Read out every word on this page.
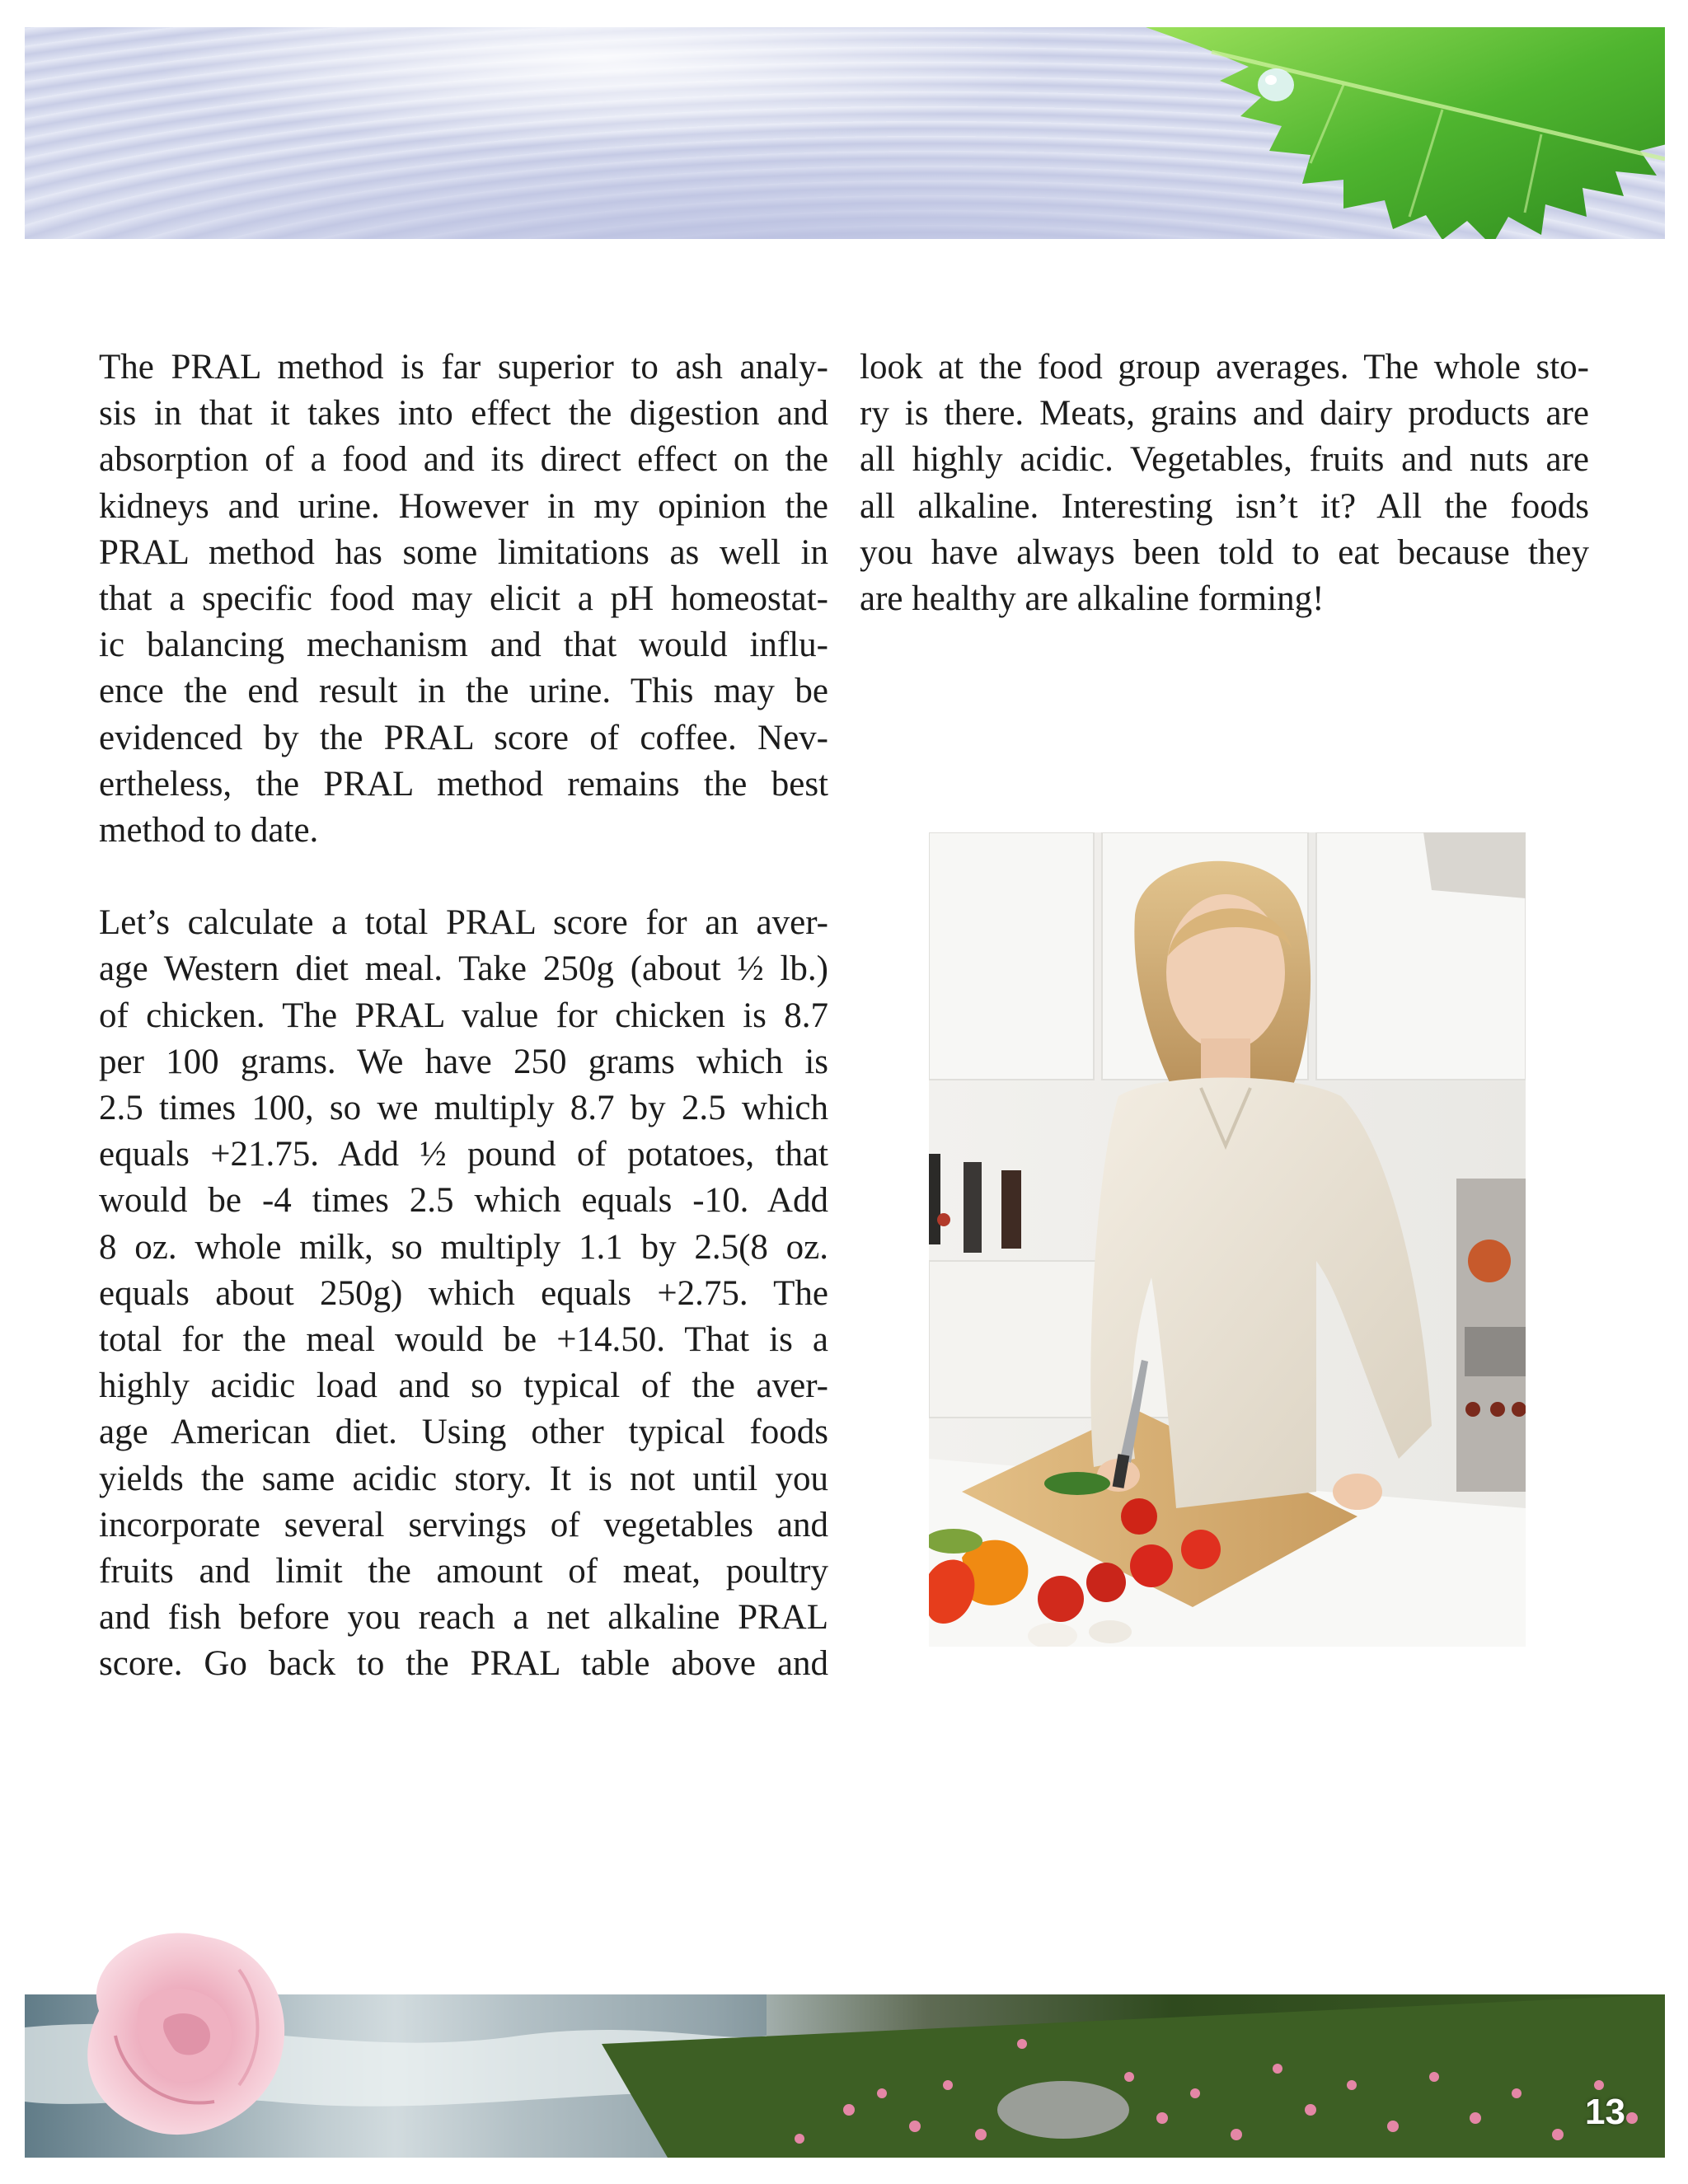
The PRAL method is far superior to ash analy-
sis in that it takes into effect the digestion and
absorption of a food and its direct effect on the
kidneys and urine. However in my opinion the
PRAL method has some limitations as well in
that a specific food may elicit a pH homeostat-
ic balancing mechanism and that would influ-
ence the end result in the urine. This may be
evidenced by the PRAL score of coffee. Nev-
ertheless, the PRAL method remains the best
method to date.

Let’s calculate a total PRAL score for an aver-
age Western diet meal. Take 250g (about ½ lb.)
of chicken. The PRAL value for chicken is 8.7
per 100 grams. We have 250 grams which is
2.5 times 100, so we multiply 8.7 by 2.5 which
equals +21.75. Add ½ pound of potatoes, that
would be -4 times 2.5 which equals -10. Add
8 oz. whole milk, so multiply 1.1 by 2.5(8 oz.
equals about 250g) which equals +2.75. The
total for the meal would be +14.50. That is a
highly acidic load and so typical of the aver-
age American diet. Using other typical foods
yields the same acidic story. It is not until you
incorporate several servings of vegetables and
fruits and limit the amount of meat, poultry
and fish before you reach a net alkaline PRAL
score. Go back to the PRAL table above and

look at the food group averages. The whole sto-
ry is there. Meats, grains and dairy products are
all highly acidic. Vegetables, fruits and nuts are
all alkaline. Interesting isn’t it? All the foods
you have always been told to eat because they
are healthy are alkaline forming!

13
